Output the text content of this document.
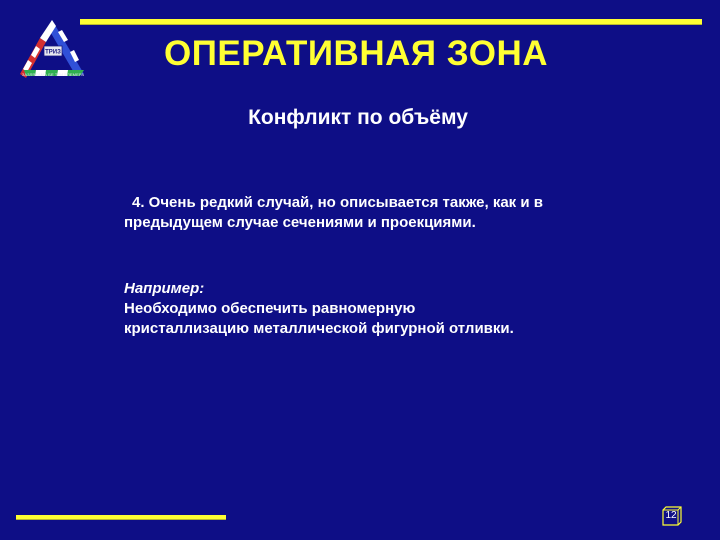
ТРИЗ
ЗАЗЛЯЕАМА БЕ ТРИ ЕЛЕМЕРА
ОПЕРАТИВНАЯ ЗОНА
Конфликт по объёму
4. Очень редкий случай, но описывается также, как и в
предыдущем случае сечениями и проекциями.
Например:
Необходимо обеспечить равномерную
кристаллизацию металлической фигурной отливки.
12
